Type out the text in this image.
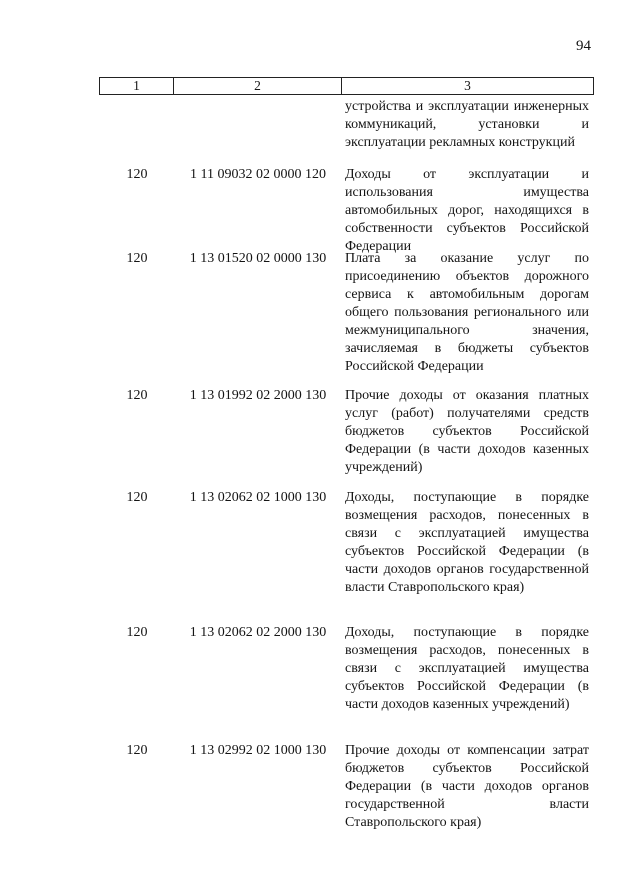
94
1	2	3

устройства и эксплуатации инженерных коммуникаций, установки и эксплуатации рекламных конструкций

120	1 11 09032 02 0000 120	Доходы от эксплуатации и использования имущества автомобильных дорог, находящихся в собственности субъектов Российской Федерации
120	1 13 01520 02 0000 130	Плата за оказание услуг по присоединению объектов дорожного сервиса к автомобильным дорогам общего пользования регионального или межмуниципального значения, зачисляемая в бюджеты субъектов Российской Федерации
120	1 13 01992 02 2000 130	Прочие доходы от оказания платных услуг (работ) получателями средств бюджетов субъектов Российской Федерации (в части доходов казенных учреждений)
120	1 13 02062 02 1000 130	Доходы, поступающие в порядке возмещения расходов, понесенных в связи с эксплуатацией имущества субъектов Российской Федерации (в части доходов органов государственной власти Ставропольского края)
120	1 13 02062 02 2000 130	Доходы, поступающие в порядке возмещения расходов, понесенных в связи с эксплуатацией имущества субъектов Российской Федерации (в части доходов казенных учреждений)
120	1 13 02992 02 1000 130	Прочие доходы от компенсации затрат бюджетов субъектов Российской Федерации (в части доходов органов государственной власти Ставропольского края)
